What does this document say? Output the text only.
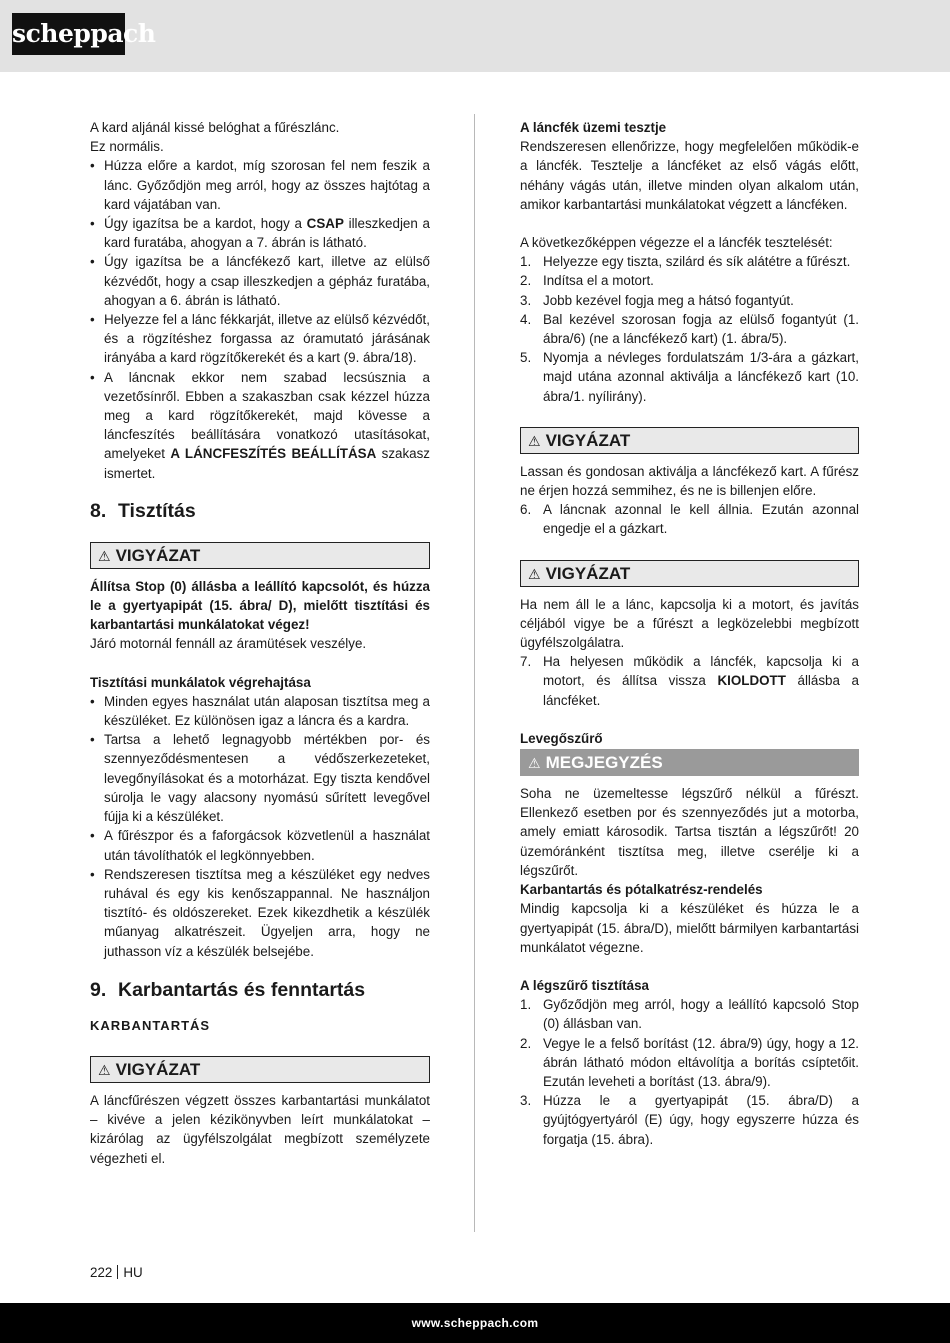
scheppach

A kard aljánál kissé belóghat a fűrészlánc.

Ez normális.

• Húzza előre a kardot, míg szorosan fel nem feszik a lánc. Győződjön meg arról, hogy az összes hajtótag a kard vájatában van.
• Úgy igazítsa be a kardot, hogy a CSAP illeszkedjen a kard furatába, ahogyan a 7. ábrán is látható.
• Úgy igazítsa be a láncfékező kart, illetve az elülső kézvédőt, hogy a csap illeszkedjen a gépház furatába, ahogyan a 6. ábrán is látható.
• Helyezze fel a lánc fékkarját, illetve az elülső kézvédőt, és a rögzítéshez forgassa az óramutató járásának irányába a kard rögzítőkerekét és a kart (9. ábra/18).
• A láncnak ekkor nem szabad lecsúsznia a vezetősínről. Ebben a szakaszban csak kézzel húzza meg a kard rögzítőkerekét, majd kövesse a láncfeszítés beállítására vonatkozó utasításokat, amelyeket A LÁNCFESZÍTÉS BEÁLLÍTÁSA szakasz ismertet.
8. Tisztítás
⚠ VIGYÁZAT

Állítsa Stop (0) állásba a leállító kapcsolót, és húzza le a gyertyapipát (15. ábra/ D), mielőtt tisztítási és karbantartási munkálatokat végez!

Járó motornál fennáll az áramütések veszélye.

Tisztítási munkálatok végrehajtása

• Minden egyes használat után alaposan tisztítsa meg a készüléket. Ez különösen igaz a láncra és a kardra.
• Tartsa a lehető legnagyobb mértékben por- és szennyeződésmentesen a védőszerkezeteket, levegőnyílásokat és a motorházat. Egy tiszta kendővel súrolja le vagy alacsony nyomású sűrített levegővel fújja ki a készüléket.
• A fűrészpor és a faforgácsok közvetlenül a használat után távolíthatók el legkönnyebben.
• Rendszeresen tisztítsa meg a készüléket egy nedves ruhával és egy kis kenőszappannal. Ne használjon tisztító- és oldószereket. Ezek kikezdhetik a készülék műanyag alkatrészeit. Ügyeljen arra, hogy ne juthasson víz a készülék belsejébe.
9. Karbantartás és fenntartás

KARBANTARTÁS

⚠ VIGYÁZAT

A láncfűrészen végzett összes karbantartási munkálatot – kivéve a jelen kézikönyvben leírt munkálatokat – kizárólag az ügyfélszolgálat megbízott személyzete végezheti el.

A láncfék üzemi tesztje

Rendszeresen ellenőrizze, hogy megfelelően működik-e a láncfék. Tesztelje a láncféket az első vágás előtt, néhány vágás után, illetve minden olyan alkalom után, amikor karbantartási munkálatokat végzett a láncféken.

A következőképpen végezze el a láncfék tesztelését:

1. Helyezze egy tiszta, szilárd és sík alátétre a fűrészt.
2. Indítsa el a motort.
3. Jobb kezével fogja meg a hátsó fogantyút.
4. Bal kezével szorosan fogja az elülső fogantyút (1. ábra/6) (ne a láncfékező kart) (1. ábra/5).
5. Nyomja a névleges fordulatszám 1/3-ára a gázkart, majd utána azonnal aktiválja a láncfékező kart (10. ábra/1. nyílirány).
⚠ VIGYÁZAT

Lassan és gondosan aktiválja a láncfékező kart. A fűrész ne érjen hozzá semmihez, és ne is billenjen előre.

6. A láncnak azonnal le kell állnia. Ezután azonnal engedje el a gázkart.
⚠ VIGYÁZAT

Ha nem áll le a lánc, kapcsolja ki a motort, és javítás céljából vigye be a fűrészt a legközelebbi megbízott ügyfélszolgálatra.

7. Ha helyesen működik a láncfék, kapcsolja ki a motort, és állítsa vissza KIOLDOTT állásba a láncféket.

Levegőszűrő

⚠ MEGJEGYZÉS

Soha ne üzemeltesse légszűrő nélkül a fűrészt. Ellenkező esetben por és szennyeződés jut a motorba, amely emiatt károsodik. Tartsa tisztán a légszűrőt! 20 üzemóránként tisztítsa meg, illetve cserélje ki a légszűrőt.

Karbantartás és pótalkatrész-rendelés

Mindig kapcsolja ki a készüléket és húzza le a gyertyapipát (15. ábra/D), mielőtt bármilyen karbantartási munkálatot végezne.

A légszűrő tisztítása

1. Győződjön meg arról, hogy a leállító kapcsoló Stop (0) állásban van.
2. Vegye le a felső borítást (12. ábra/9) úgy, hogy a 12. ábrán látható módon eltávolítja a borítás csíptetőit. Ezután leveheti a borítást (13. ábra/9).
3. Húzza le a gyertyapipát (15. ábra/D) a gyújtógyertyáról (E) úgy, hogy egyszerre húzza és forgatja (15. ábra).
222 HU
www.scheppach.com
